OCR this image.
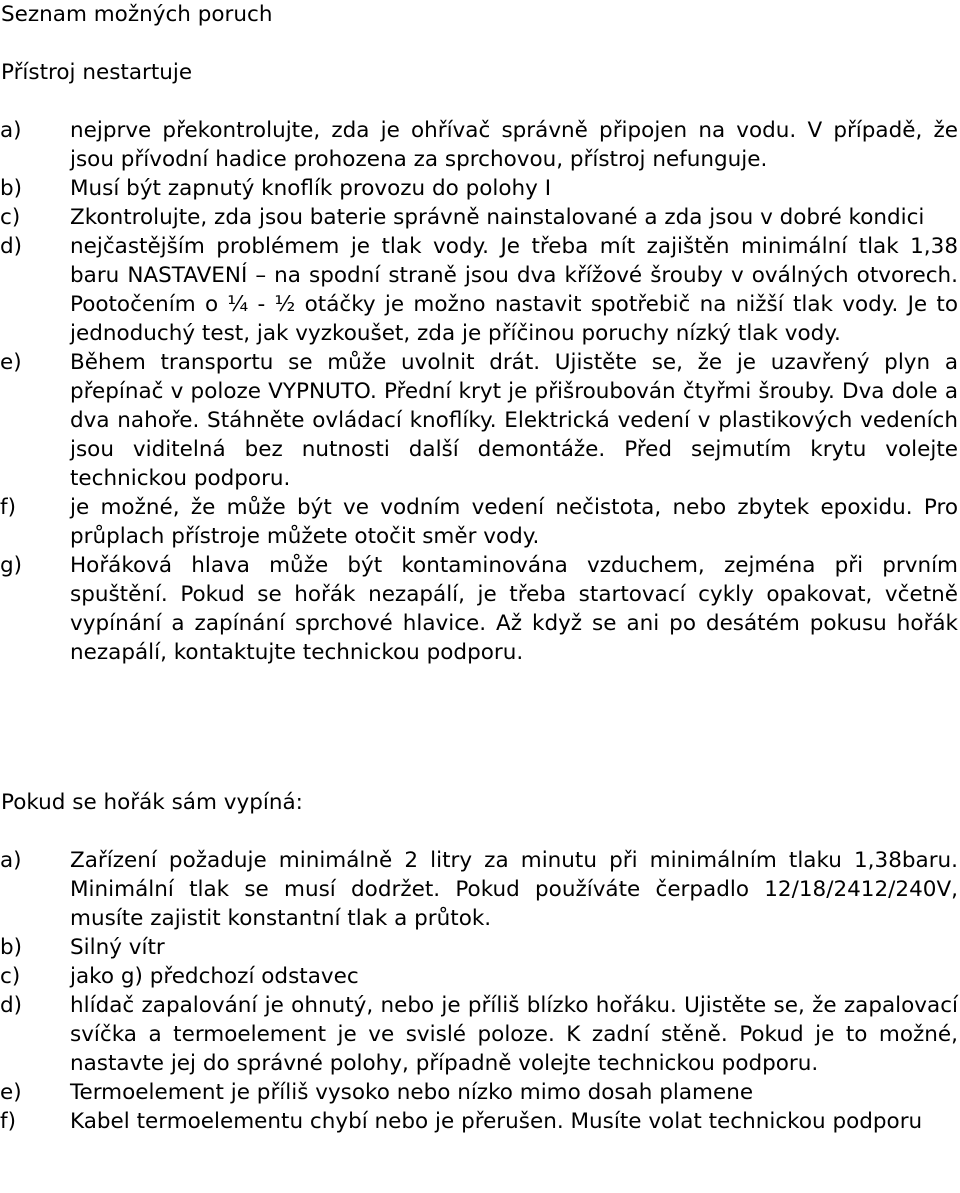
Seznam možných poruch
Přístroj nestartuje
a) nejprve překontrolujte, zda je ohřívač správně připojen na vodu. V případě, že jsou přívodní hadice prohozena za sprchovou, přístroj nefunguje.
b) Musí být zapnutý knoflík provozu do polohy I
c) Zkontrolujte, zda jsou baterie správně nainstalované a zda jsou v dobré kondici
d) nejčastějším problémem je tlak vody. Je třeba mít zajištěn minimální tlak 1,38 baru NASTAVENÍ – na spodní straně jsou dva křížové šrouby v oválných otvorech. Pootočením o ¼ - ½ otáčky je možno nastavit spotřebič na nižší tlak vody. Je to jednoduchý test, jak vyzkoušet, zda je příčinou poruchy nízký tlak vody.
e) Během transportu se může uvolnit drát. Ujistěte se, že je uzavřený plyn a přepínač v poloze VYPNUTO. Přední kryt je přišroubován čtyřmi šrouby. Dva dole a dva nahoře. Stáhněte ovládací knoflíky. Elektrická vedení v plastikových vedeních jsou viditelná bez nutnosti další demontáže. Před sejmutím krytu volejte technickou podporu.
f)	je možné, že může být ve vodním vedení nečistota, nebo zbytek epoxidu. Pro průplach přístroje můžete otočit směr vody.
g) Hořáková hlava může být kontaminována vzduchem, zejména při prvním spuštění. Pokud se hořák nezapálí, je třeba startovací cykly opakovat, včetně vypínání a zapínání sprchové hlavice. Až když se ani po desátém pokusu hořák nezapálí, kontaktujte technickou podporu.
Pokud se hořák sám vypíná:
a) Zařízení požaduje minimálně 2 litry za minutu při minimálním tlaku 1,38baru. Minimální tlak se musí dodržet. Pokud používáte čerpadlo 12/18/2412/240V, musíte zajistit konstantní tlak a průtok.
b) Silný vítr
c) jako g) předchozí odstavec
d) hlídač zapalování je ohnutý, nebo je příliš blízko hořáku. Ujistěte se, že zapalovací svíčka a termoelement je ve svislé poloze. K zadní stěně. Pokud je to možné, nastavte jej do správné polohy, případně volejte technickou podporu.
e) Termoelement je příliš vysoko nebo nízko mimo dosah plamene
f)	Kabel termoelementu chybí nebo je přerušen. Musíte volat technickou podporu
